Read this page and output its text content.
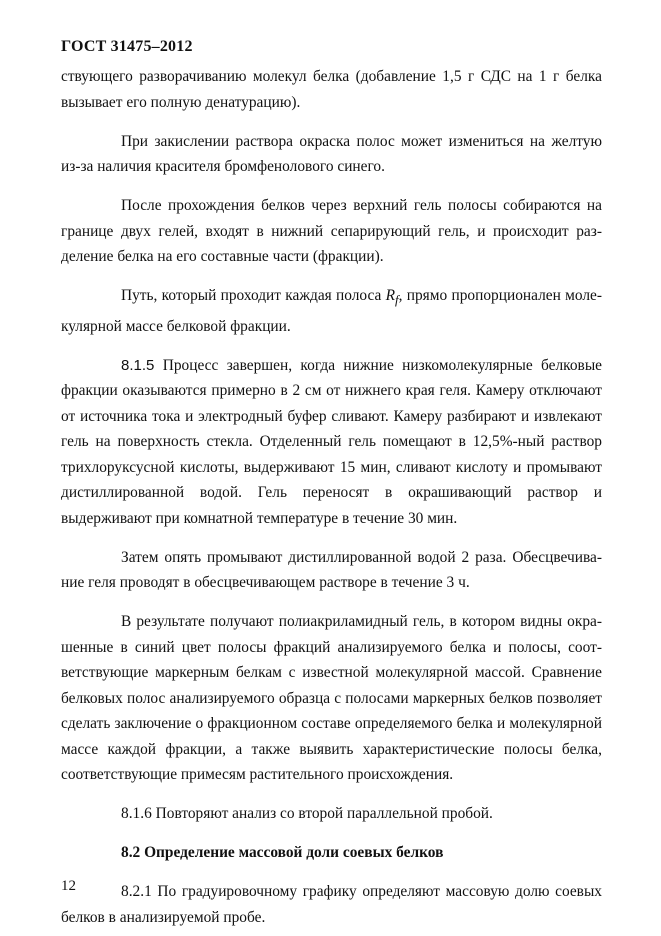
ГОСТ 31475–2012

ствующего разворачиванию молекул белка (добавление 1,5 г СДС на 1 г белка вызывает его полную денатурацию).

При закислении раствора окраска полос может измениться на желтую из-за наличия красителя бромфенолового синего.

После прохождения белков через верхний гель полосы собираются на границе двух гелей, входят в нижний сепарирующий гель, и происходит разделение белка на его составные части (фракции).

Путь, который проходит каждая полоса $R_f$, прямо пропорционален молекулярной массе белковой фракции.

8.1.5 Процесс завершен, когда нижние низкомолекулярные белковые фракции оказываются примерно в 2 см от нижнего края геля. Камеру отключают от источника тока и электродный буфер сливают. Камеру разбирают и извлекают гель на поверхность стекла. Отделенный гель помещают в 12,5%-ный раствор трихлоруксусной кислоты, выдерживают 15 мин, сливают кислоту и промывают дистиллированной водой. Гель переносят в окрашивающий раствор и выдерживают при комнатной температуре в течение 30 мин.

Затем опять промывают дистиллированной водой 2 раза. Обесцвечивание геля проводят в обесцвечивающем растворе в течение 3 ч.

В результате получают полиакриламидный гель, в котором видны окрашенные в синий цвет полосы фракций анализируемого белка и полосы, соответствующие маркерным белкам с известной молекулярной массой. Сравнение белковых полос анализируемого образца с полосами маркерных белков позволяет сделать заключение о фракционном составе определяемого белка и молекулярной массе каждой фракции, а также выявить характеристические полосы белка, соответствующие примесям растительного происхождения.

8.1.6 Повторяют анализ со второй параллельной пробой.

8.2 Определение массовой доли соевых белков

8.2.1 По градуировочному графику определяют массовую долю соевых белков в анализируемой пробе.

12
